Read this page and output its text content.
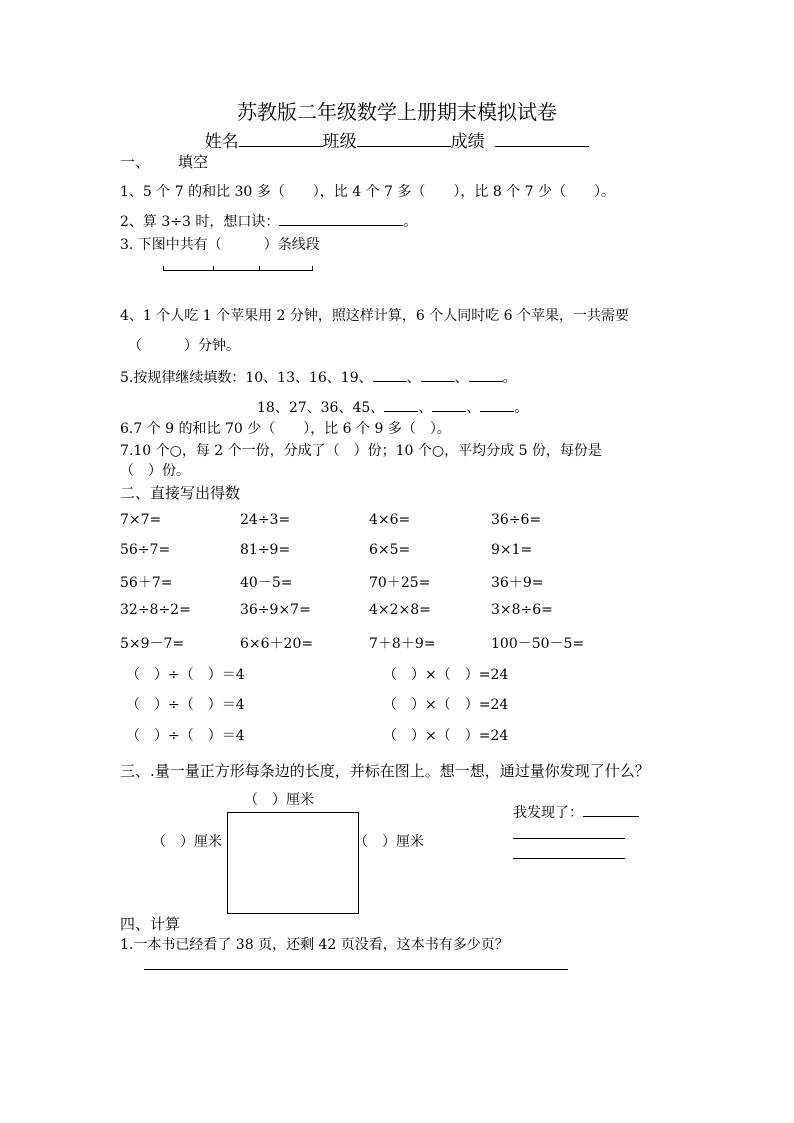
苏教版二年级数学上册期末模拟试卷
姓名	班级	成绩
一、 填空
1、5 个 7 的和比 30 多（　　），比 4 个 7 多（　　），比 8 个 7 少（　　）。
2、算 3÷3 时，想口诀：	。
3. 下图中共有（　　　）条线段
4、1 个人吃 1 个苹果用 2 分钟，照这样计算，6 个人同时吃 6 个苹果，一共需要
（　　　）分钟。
5.按规律继续填数：10、13、16、19、 、 、 。
18、27、36、45、 、 、 。
6.7 个 9 的和比 70 少（　　），比 6 个 9 多（　）。
7.10 个○，每 2 个一份，分成了（　）份；10 个○，平均分成 5 份，每份是
（　）份。
二、直接写出得数
7×7=	24÷3=	4×6=	36÷6=
56÷7=	81÷9=	6×5=	9×1=
56＋7=	40－5=	70＋25=	36＋9=
32÷8÷2=	36÷9×7=	4×2×8=	3×8÷6=
5×9－7=	6×6＋20=	7＋8＋9=	100－50－5=
（　）÷（　）＝4	（　）×（　）=24
（　）÷（　）＝4	（　）×（　）=24
（　）÷（　）＝4	（　）×（　）=24
三、.量一量正方形每条边的长度，并标在图上。想一想，通过量你发现了什么？
（　）厘米
（　）厘米	（　）厘米
我发现了：
四、计算
1.一本书已经看了 38 页，还剩 42 页没看，这本书有多少页？
